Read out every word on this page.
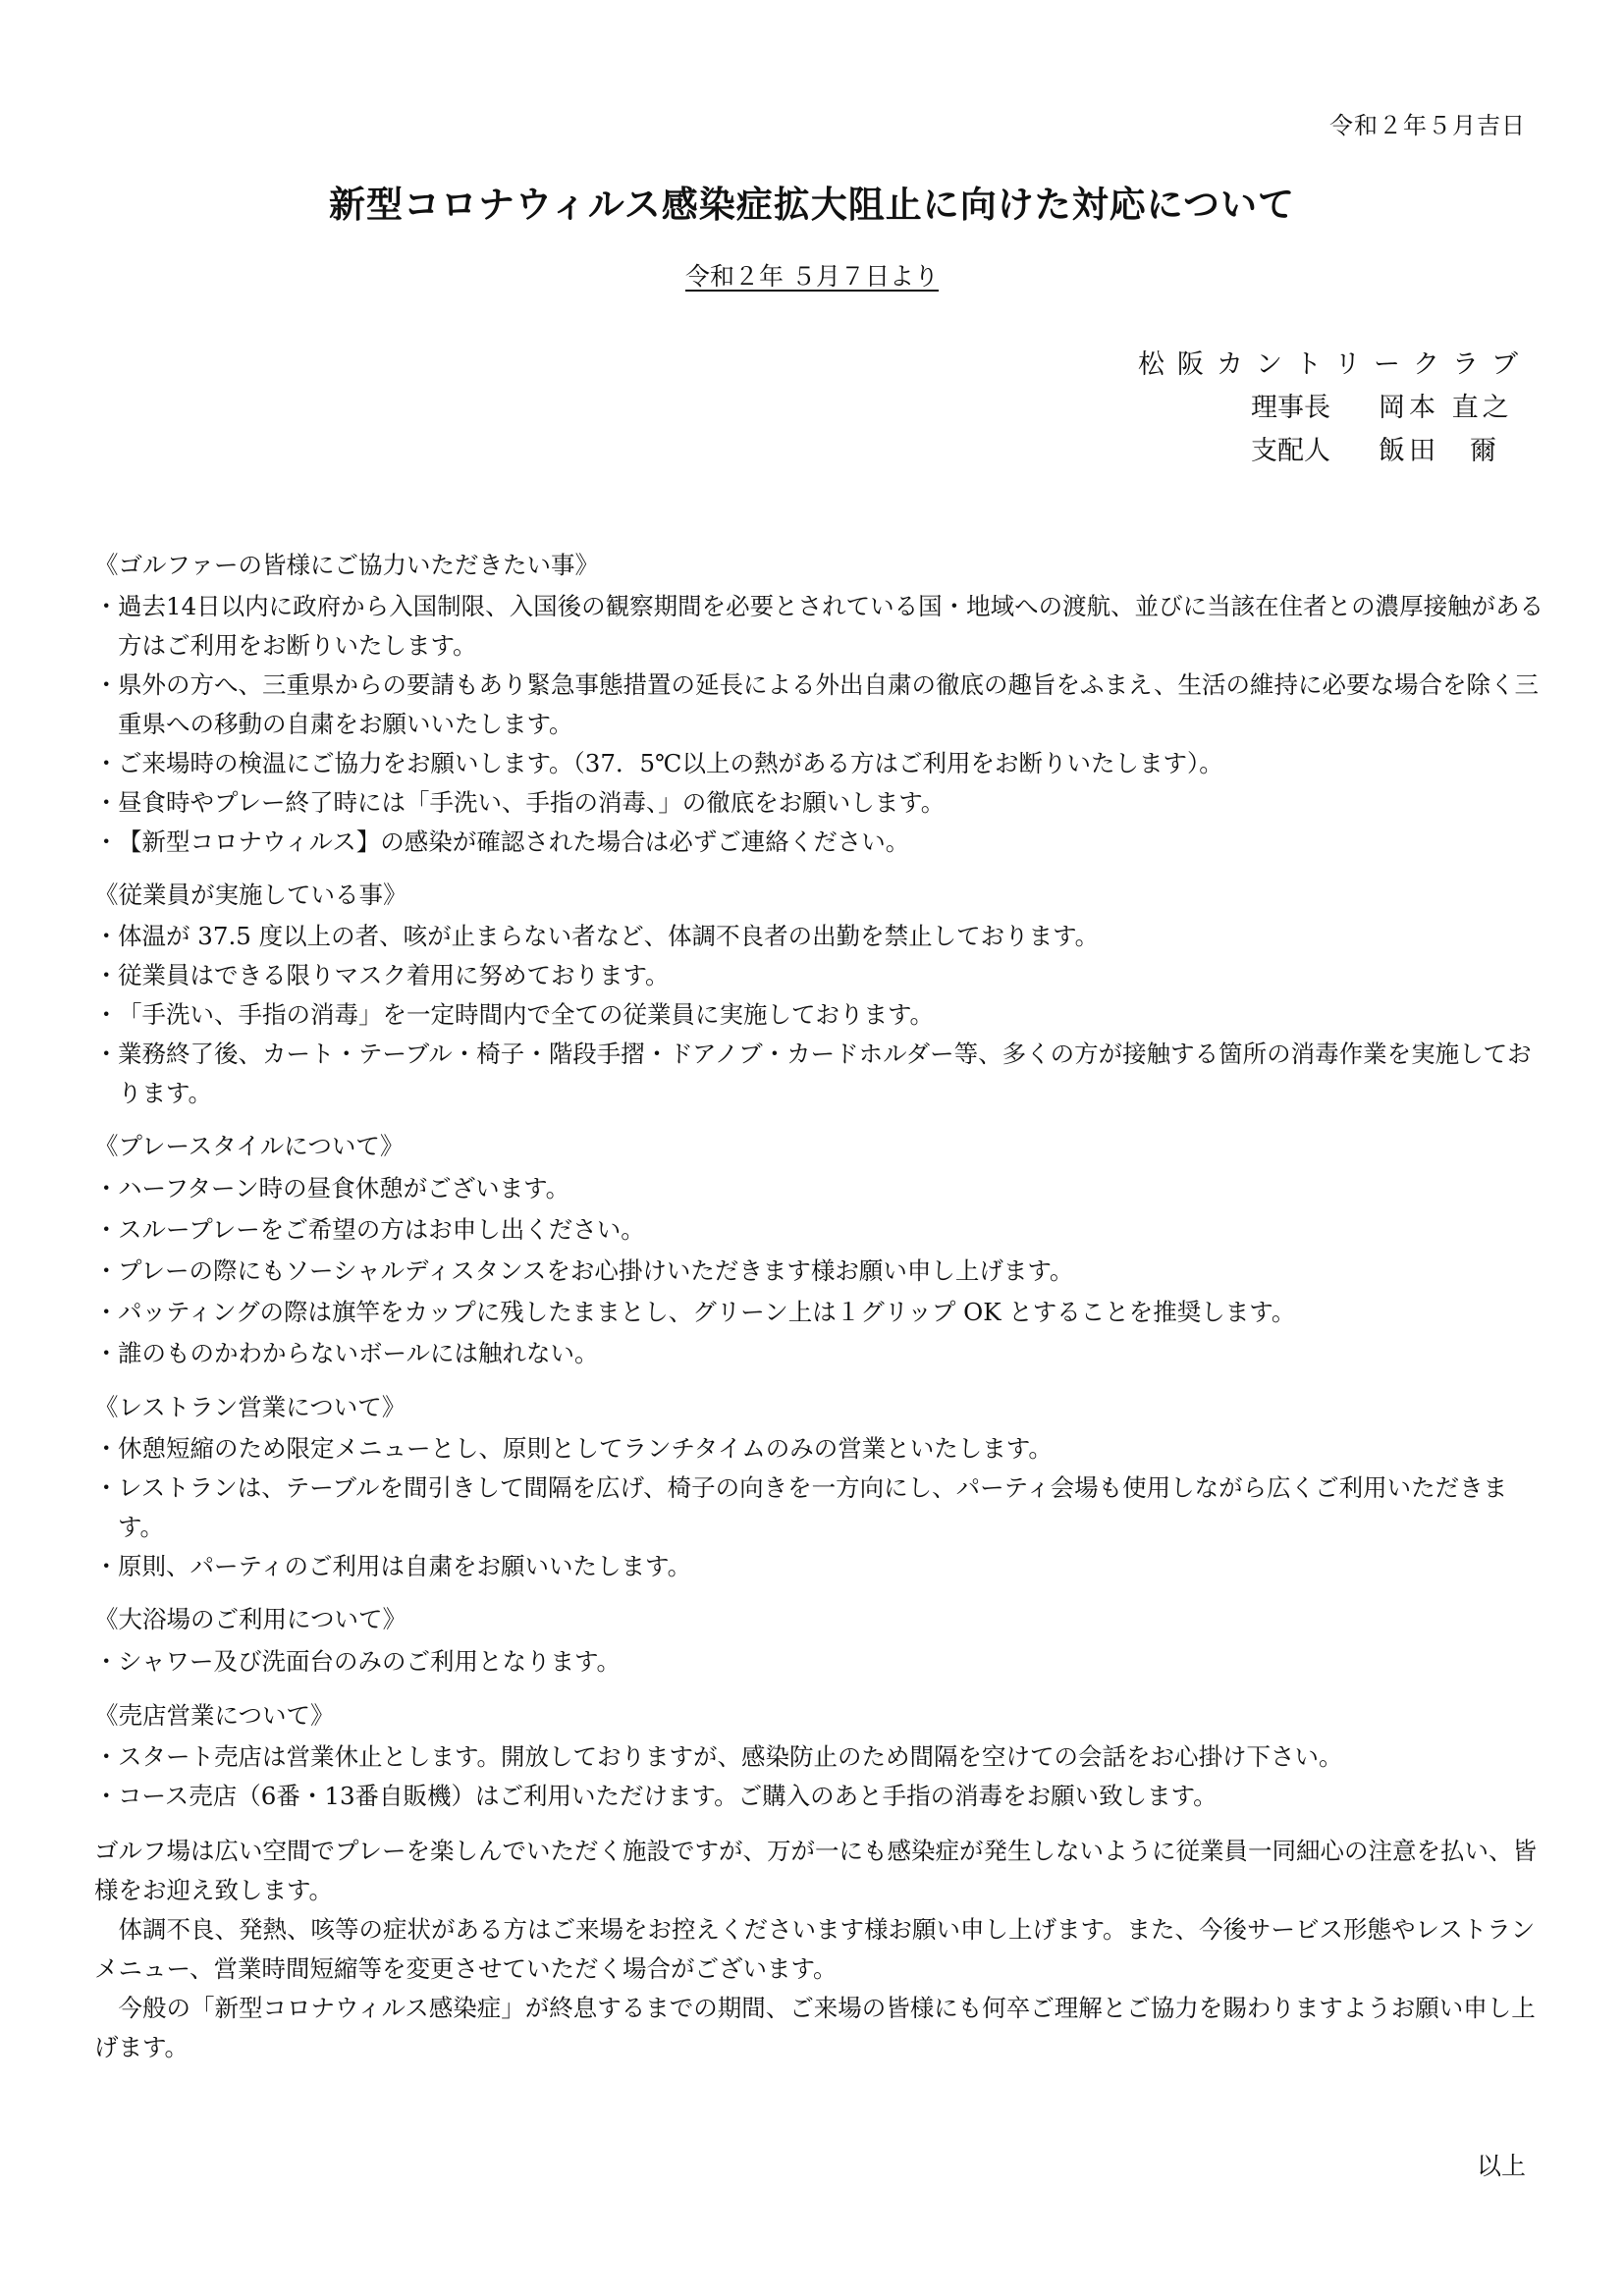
令和２年５月吉日
新型コロナウィルス感染症拡大阻止に向けた対応について
令和２年 ５月７日より
松阪カントリークラブ
理事長	岡本 直之
支配人	飯田　爾
《ゴルファーの皆様にご協力いただきたい事》
・過去14日以内に政府から入国制限、入国後の観察期間を必要とされている国・地域への渡航、並びに当該在住者との濃厚接触がある方はご利用をお断りいたします。
・県外の方へ、三重県からの要請もあり緊急事態措置の延長による外出自粛の徹底の趣旨をふまえ、生活の維持に必要な場合を除く三重県への移動の自粛をお願いいたします。
・ご来場時の検温にご協力をお願いします。（37．5℃以上の熱がある方はご利用をお断りいたします）。
・昼食時やプレー終了時には「手洗い、手指の消毒、」の徹底をお願いします。
・【新型コロナウィルス】の感染が確認された場合は必ずご連絡ください。
《従業員が実施している事》
・体温が 37.5 度以上の者、咳が止まらない者など、体調不良者の出勤を禁止しております。
・従業員はできる限りマスク着用に努めております。
・「手洗い、手指の消毒」を一定時間内で全ての従業員に実施しております。
・業務終了後、カート・テーブル・椅子・階段手摺・ドアノブ・カードホルダー等、多くの方が接触する箇所の消毒作業を実施しております。
《プレースタイルについて》
・ハーフターン時の昼食休憩がございます。
・スループレーをご希望の方はお申し出ください。
・プレーの際にもソーシャルディスタンスをお心掛けいただきます様お願い申し上げます。
・パッティングの際は旗竿をカップに残したままとし、グリーン上は１グリップ OK とすることを推奨します。
・誰のものかわからないボールには触れない。
《レストラン営業について》
・休憩短縮のため限定メニューとし、原則としてランチタイムのみの営業といたします。
・レストランは、テーブルを間引きして間隔を広げ、椅子の向きを一方向にし、パーティ会場も使用しながら広くご利用いただきます。
・原則、パーティのご利用は自粛をお願いいたします。
《大浴場のご利用について》
・シャワー及び洗面台のみのご利用となります。
《売店営業について》
・スタート売店は営業休止とします。開放しておりますが、感染防止のため間隔を空けての会話をお心掛け下さい。
・コース売店（6番・13番自販機）はご利用いただけます。ご購入のあと手指の消毒をお願い致します。

ゴルフ場は広い空間でプレーを楽しんでいただく施設ですが、万が一にも感染症が発生しないように従業員一同細心の注意を払い、皆様をお迎え致します。

　体調不良、発熱、咳等の症状がある方はご来場をお控えくださいます様お願い申し上げます。また、今後サービス形態やレストランメニュー、営業時間短縮等を変更させていただく場合がございます。

　今般の「新型コロナウィルス感染症」が終息するまでの期間、ご来場の皆様にも何卒ご理解とご協力を賜わりますようお願い申し上げます。

以上
